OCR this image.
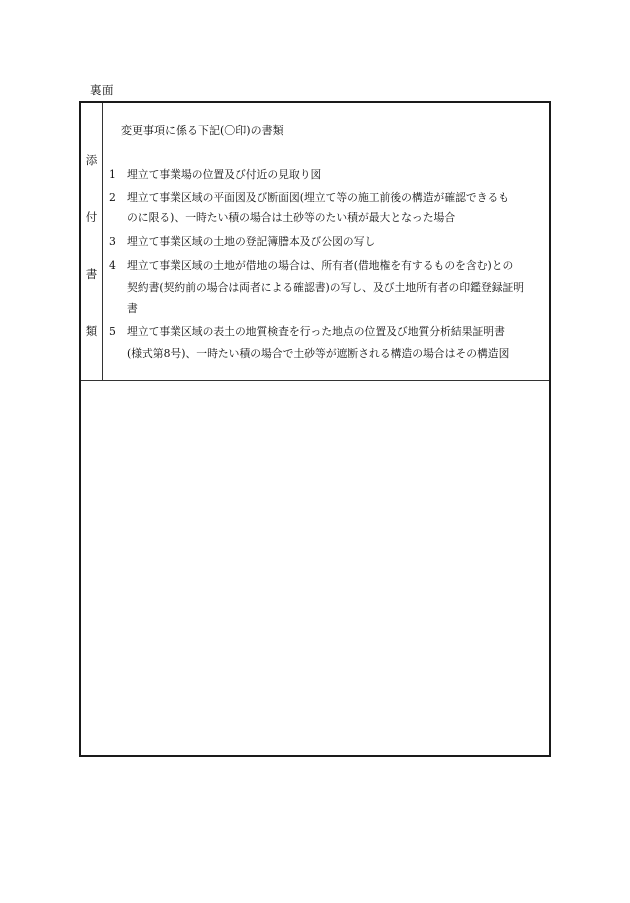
裏面
添
付
書
類
変更事項に係る下記(〇印)の書類
1 埋立て事業場の位置及び付近の見取り図
2 埋立て事業区域の平面図及び断面図(埋立て等の施工前後の構造が確認できるも
のに限る)、一時たい積の場合は土砂等のたい積が最大となった場合
3 埋立て事業区域の土地の登記簿謄本及び公図の写し
4 埋立て事業区域の土地が借地の場合は、所有者(借地権を有するものを含む)との
契約書(契約前の場合は両者による確認書)の写し、及び土地所有者の印鑑登録証明
書
5 埋立て事業区域の表土の地質検査を行った地点の位置及び地質分析結果証明書
(様式第8号)、一時たい積の場合で土砂等が遮断される構造の場合はその構造図
